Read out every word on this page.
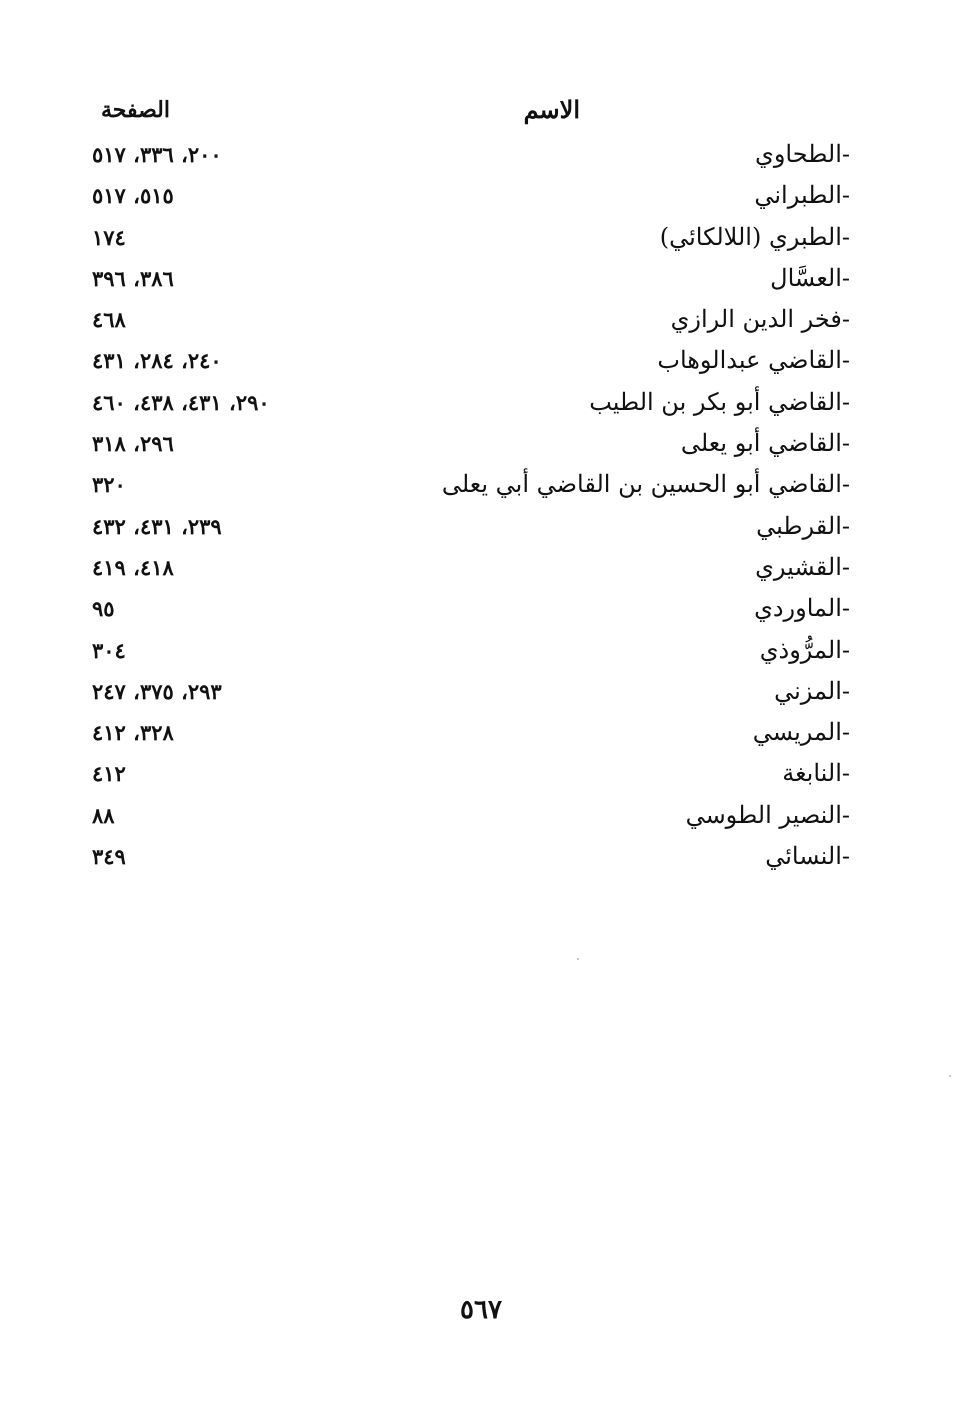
الاسم
الصفحة
-الطحاوي
٢٠٠، ٣٣٦، ٥١٧
-الطبراني
٥١٥، ٥١٧
-الطبري (اللالكائي)
١٧٤
-العسَّال
٣٨٦، ٣٩٦
-فخر الدين الرازي
٤٦٨
-القاضي عبدالوهاب
٢٤٠، ٢٨٤، ٤٣١
-القاضي أبو بكر بن الطيب
٢٩٠، ٤٣١، ٤٣٨، ٤٦٠
-القاضي أبو يعلى
٢٩٦، ٣١٨
-القاضي أبو الحسين بن القاضي أبي يعلى
٣٢٠
-القرطبي
٢٣٩، ٤٣١، ٤٣٢
-القشيري
٤١٨، ٤١٩
-الماوردي
٩٥
-المرُّوذي
٣٠٤
-المزني
٢٩٣، ٣٧٥، ٢٤٧
-المريسي
٣٢٨، ٤١٢
-النابغة
٤١٢
-النصير الطوسي
٨٨
-النسائي
٣٤٩
٥٦٧
